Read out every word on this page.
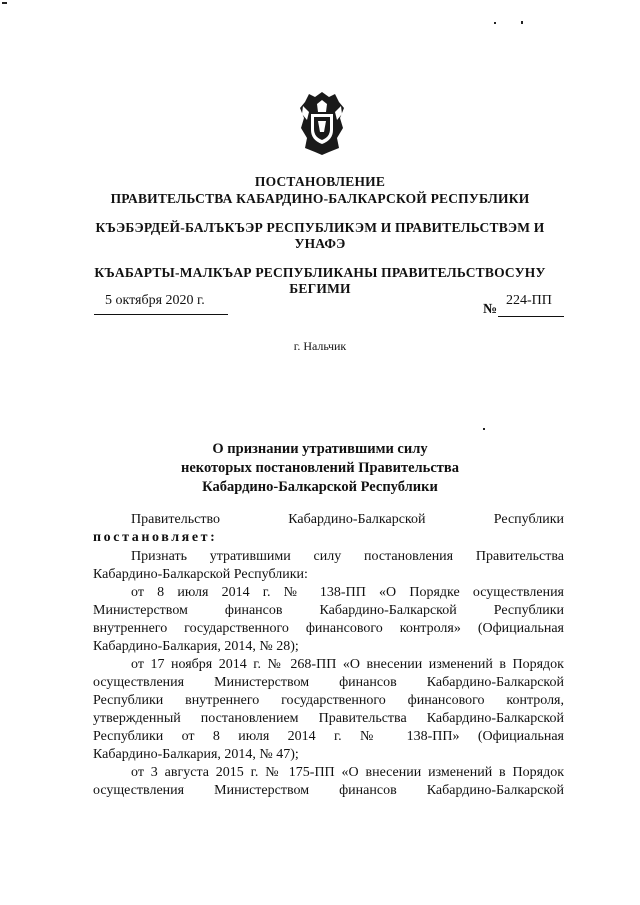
ПОСТАНОВЛЕНИЕ
ПРАВИТЕЛЬСТВА КАБАРДИНО-БАЛКАРСКОЙ РЕСПУБЛИКИ
КЪЭБЭРДЕЙ-БАЛЪКЪЭР РЕСПУБЛИКЭМ И ПРАВИТЕЛЬСТВЭМ И
УНАФЭ
КЪАБАРТЫ-МАЛКЪАР РЕСПУБЛИКАНЫ ПРАВИТЕЛЬСТВОСУНУ
БЕГИМИ
5 октября 2020 г.
№
224-ПП
г. Нальчик
О признании утратившими силу
некоторых постановлений Правительства
Кабардино-Балкарской Республики
Правительство	Кабардино-Балкарской	Республики
постановляет:
Признать утратившими силу постановления Правительства
Кабардино-Балкарской Республики:
от 8 июля 2014 г. № 138-ПП «О Порядке осуществления
Министерством финансов Кабардино-Балкарской Республики
внутреннего государственного финансового контроля» (Официальная
Кабардино-Балкария, 2014, № 28);
от 17 ноября 2014 г. № 268-ПП «О внесении изменений в Порядок
осуществления Министерством финансов Кабардино-Балкарской
Республики внутреннего государственного финансового контроля,
утвержденный постановлением Правительства Кабардино-Балкарской
Республики от 8 июля 2014 г. № 138-ПП» (Официальная
Кабардино-Балкария, 2014, № 47);
от 3 августа 2015 г. № 175-ПП «О внесении изменений в Порядок
осуществления Министерством финансов Кабардино-Балкарской
